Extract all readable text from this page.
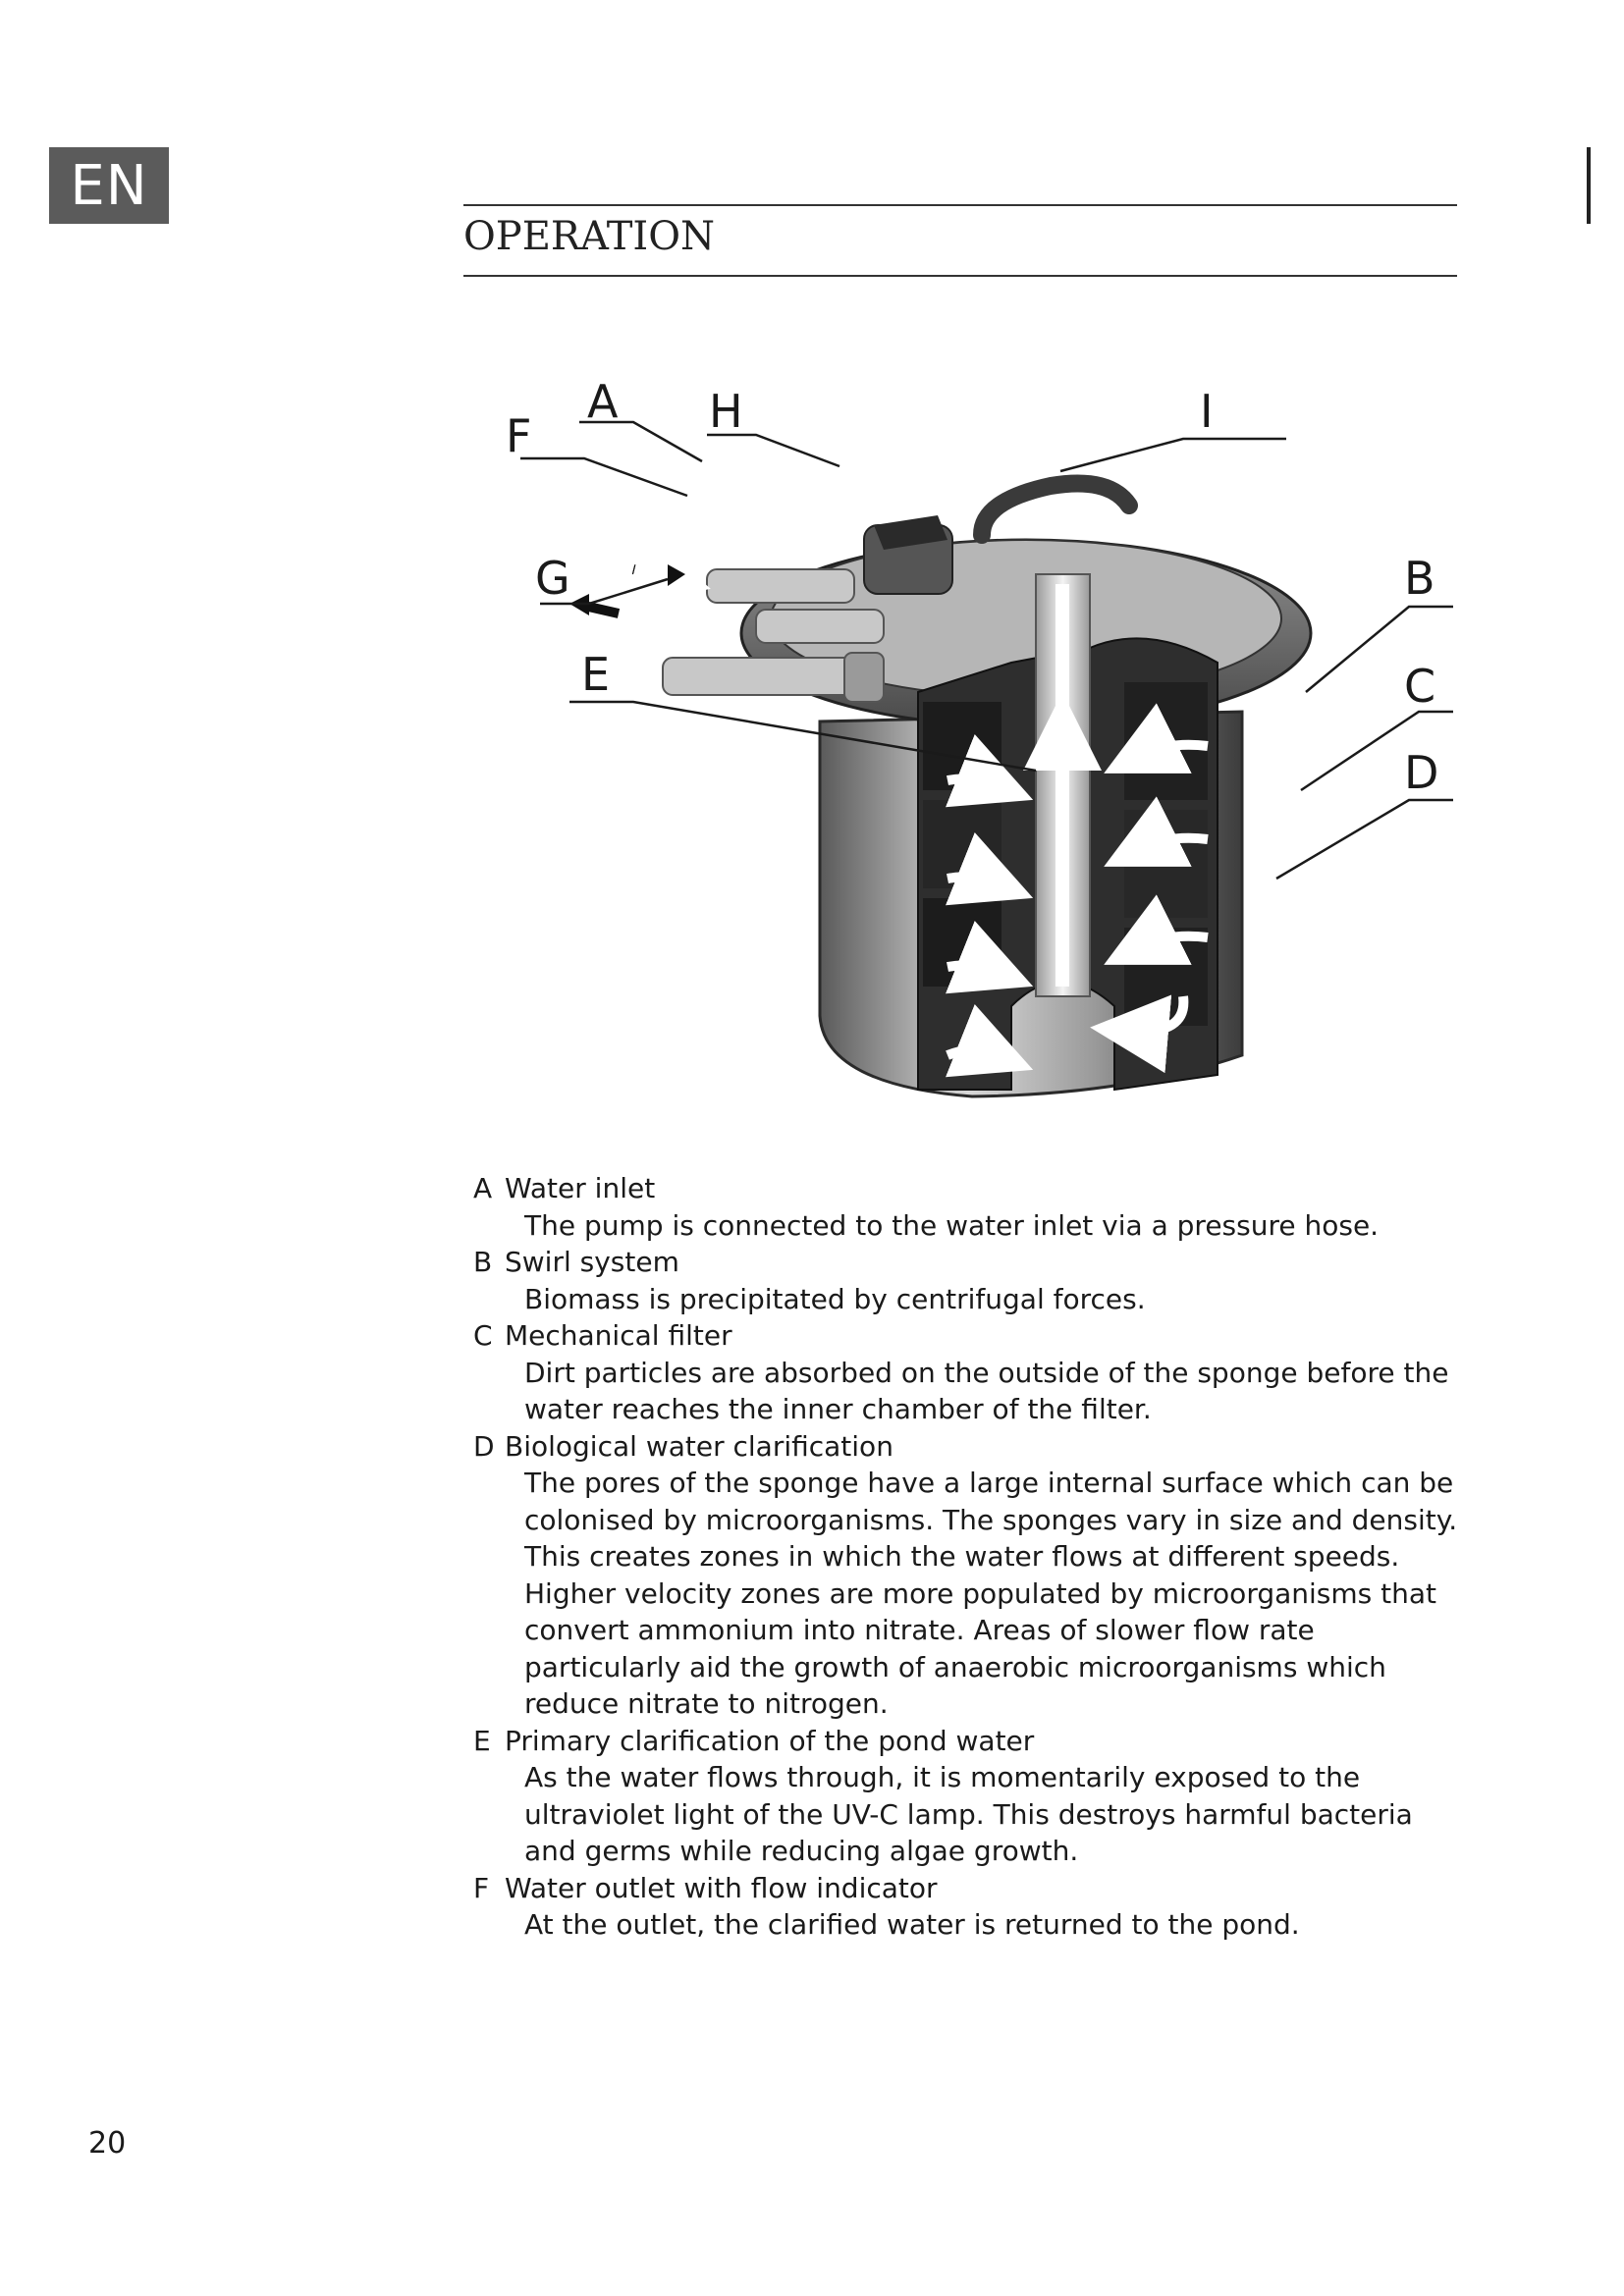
EN
OPERATION
A H	I
F
G	B
E	C
D
A Water inlet
The pump is connected to the water inlet via a pressure hose.
B Swirl system
Biomass is precipitated by centrifugal forces.
C Mechanical filter
Dirt particles are absorbed on the outside of the sponge before the water reaches the inner chamber of the filter.
D Biological water clarification
The pores of the sponge have a large internal surface which can be colonised by microorganisms. The sponges vary in size and density. This creates zones in which the water flows at different speeds. Higher velocity zones are more populated by microorganisms that convert ammonium into nitrate. Areas of slower flow rate particularly aid the growth of anaerobic microorganisms which reduce nitrate to nitrogen.
E Primary clarification of the pond water
As the water flows through, it is momentarily exposed to the ultraviolet light of the UV-C lamp. This destroys harmful bacteria and germs while reducing algae growth.
F Water outlet with flow indicator
At the outlet, the clarified water is returned to the pond.
20
